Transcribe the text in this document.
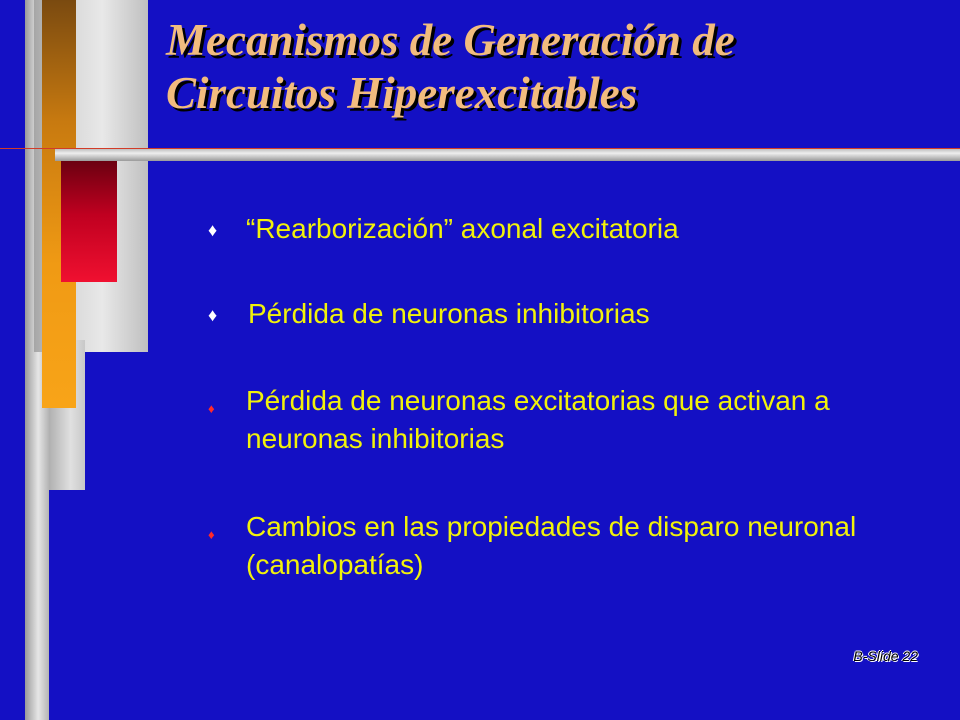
Mecanismos de Generación de
Circuitos Hiperexcitables
♦ “Rearborización” axonal excitatoria
♦ Pérdida de neuronas inhibitorias
♦ Pérdida de neuronas excitatorias que activan a neuronas inhibitorias
♦ Cambios en las propiedades de disparo neuronal (canalopatías)
B-Slide 22
